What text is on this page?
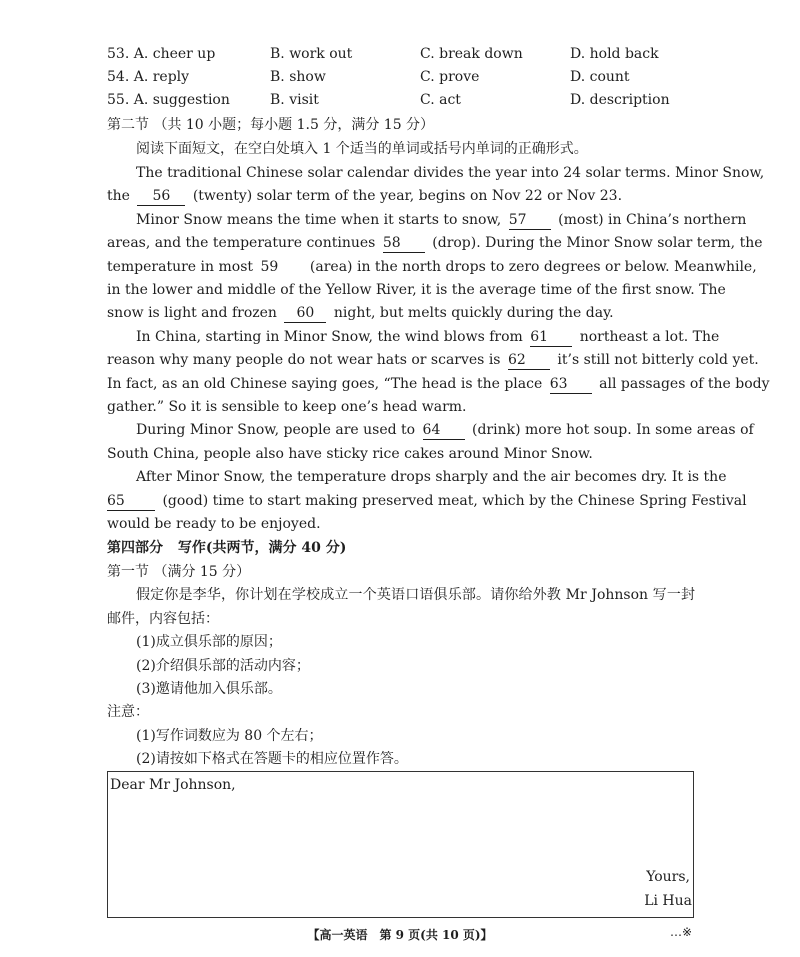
53. A. cheer up	B. work out	C. break down	D. hold back
54. A. reply	B. show	C. prove	D. count
55. A. suggestion	B. visit	C. act	D. description
第二节 （共 10 小题；每小题 1.5 分，满分 15 分）
阅读下面短文，在空白处填入 1 个适当的单词或括号内单词的正确形式。
The traditional Chinese solar calendar divides the year into 24 solar terms. Minor Snow,
the 56 (twenty) solar term of the year, begins on Nov 22 or Nov 23.
Minor Snow means the time when it starts to snow, 57 (most) in China’s northern
areas, and the temperature continues 58 (drop). During the Minor Snow solar term, the
temperature in most 59 (area) in the north drops to zero degrees or below. Meanwhile,
in the lower and middle of the Yellow River, it is the average time of the first snow. The
snow is light and frozen 60 night, but melts quickly during the day.
In China, starting in Minor Snow, the wind blows from 61 northeast a lot. The
reason why many people do not wear hats or scarves is 62 it’s still not bitterly cold yet.
In fact, as an old Chinese saying goes, “The head is the place 63 all passages of the body
gather.” So it is sensible to keep one’s head warm.
During Minor Snow, people are used to 64 (drink) more hot soup. In some areas of
South China, people also have sticky rice cakes around Minor Snow.
After Minor Snow, the temperature drops sharply and the air becomes dry. It is the
65	(good) time to start making preserved meat, which by the Chinese Spring Festival
would be ready to be enjoyed.
第四部分 写作(共两节，满分 40 分)
第一节 （满分 15 分）
假定你是李华，你计划在学校成立一个英语口语俱乐部。请你给外教 Mr Johnson 写一封
邮件，内容包括：
(1)成立俱乐部的原因；
(2)介绍俱乐部的活动内容；
(3)邀请他加入俱乐部。
注意：
(1)写作词数应为 80 个左右；
(2)请按如下格式在答题卡的相应位置作答。
Dear Mr Johnson,
Yours,
Li Hua
【高一英语　第 9 页(共 10 页)】	…※
